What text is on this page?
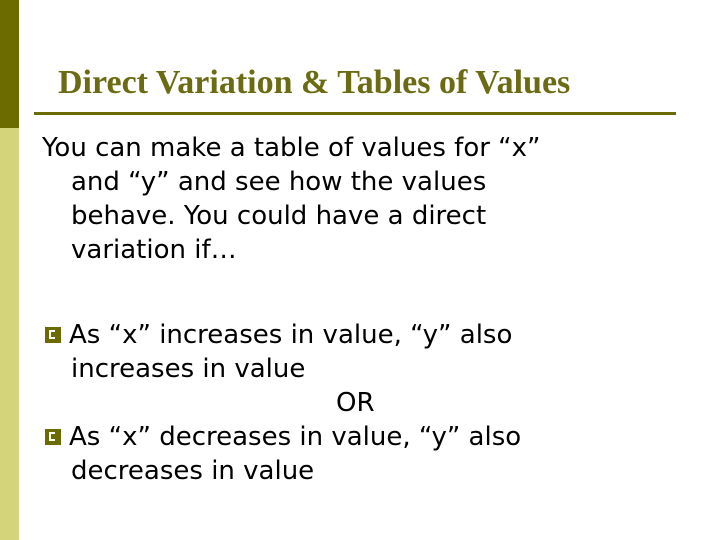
Direct Variation & Tables of Values
You can make a table of values for “x”
and “y” and see how the values
behave. You could have a direct
variation if…
As “x” increases in value, “y” also
increases in value
OR
As “x” decreases in value, “y” also
decreases in value
